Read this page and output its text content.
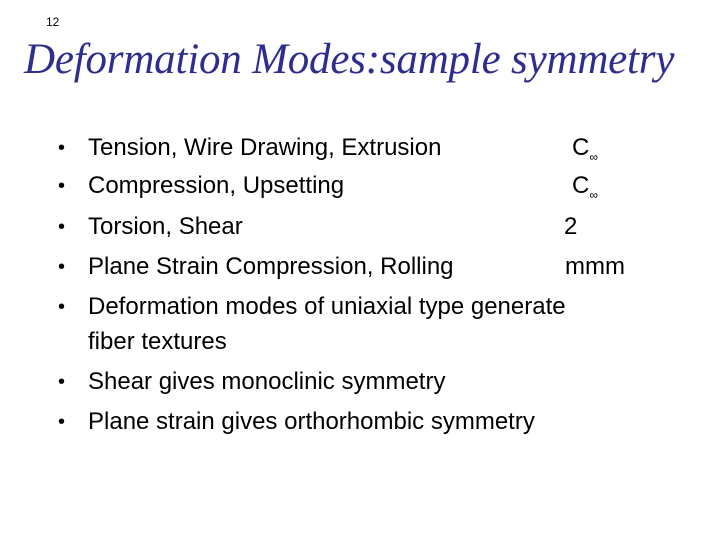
12
Deformation Modes:sample symmetry
• Tension, Wire Drawing, Extrusion	$C_\infty$
• Compression, Upsetting	$C_\infty$
• Torsion, Shear	2
• Plane Strain Compression, Rolling	mmm
• Deformation modes of uniaxial type generate
fiber textures
• Shear gives monoclinic symmetry
• Plane strain gives orthorhombic symmetry
